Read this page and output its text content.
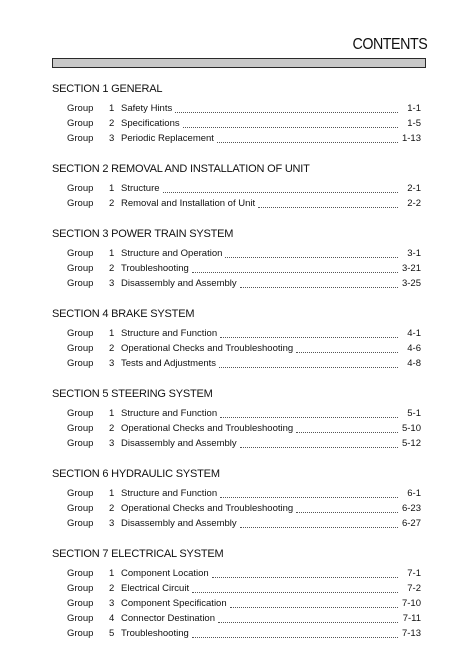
CONTENTS
SECTION 1 GENERAL
Group	1 Safety Hints	1-1
Group	2 Specifications	1-5
Group	3 Periodic Replacement	1-13
SECTION 2 REMOVAL AND INSTALLATION OF UNIT
Group	1 Structure	2-1
Group	2 Removal and Installation of Unit	2-2
SECTION 3 POWER TRAIN SYSTEM
Group	1 Structure and Operation	3-1
Group	2 Troubleshooting	3-21
Group	3 Disassembly and Assembly	3-25
SECTION 4 BRAKE SYSTEM
Group	1 Structure and Function	4-1
Group	2 Operational Checks and Troubleshooting	4-6
Group	3 Tests and Adjustments	4-8
SECTION 5 STEERING SYSTEM
Group	1 Structure and Function	5-1
Group	2 Operational Checks and Troubleshooting	5-10
Group	3 Disassembly and Assembly	5-12
SECTION 6 HYDRAULIC SYSTEM
Group	1 Structure and Function	6-1
Group	2 Operational Checks and Troubleshooting	6-23
Group	3 Disassembly and Assembly	6-27
SECTION 7 ELECTRICAL SYSTEM
Group	1 Component Location	7-1
Group	2 Electrical Circuit	7-2
Group	3 Component Specification	7-10
Group	4 Connector Destination	7-11
Group	5 Troubleshooting	7-13
